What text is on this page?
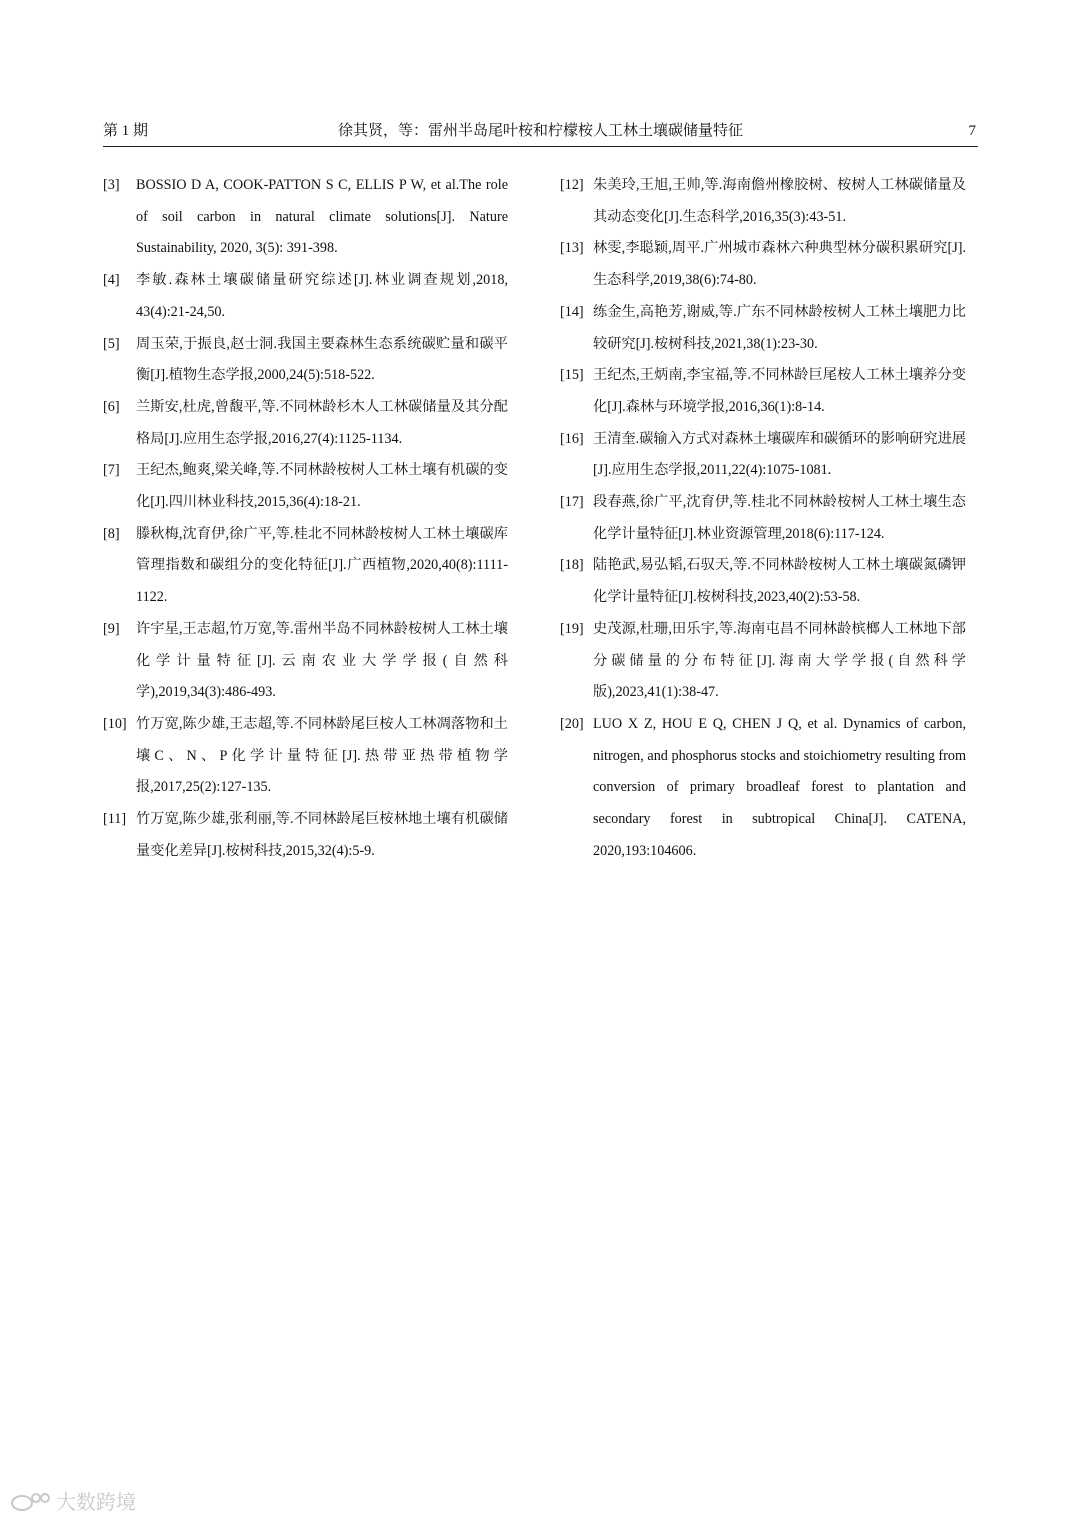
第 1 期	徐其贤，等：雷州半岛尾叶桉和柠檬桉人工林土壤碳储量特征	7
[3] BOSSIO D A, COOK-PATTON S C, ELLIS P W, et al.The role of soil carbon in natural climate solutions[J]. Nature Sustainability, 2020, 3(5): 391-398.
[4] 李敏.森林土壤碳储量研究综述[J].林业调查规划,2018, 43(4):21-24,50.
[5] 周玉荣,于振良,赵士洞.我国主要森林生态系统碳贮量和碳平衡[J].植物生态学报,2000,24(5):518-522.
[6] 兰斯安,杜虎,曾馥平,等.不同林龄杉木人工林碳储量及其分配格局[J].应用生态学报,2016,27(4):1125-1134.
[7] 王纪杰,鲍爽,梁关峰,等.不同林龄桉树人工林土壤有机碳的变化[J].四川林业科技,2015,36(4):18-21.
[8] 滕秋梅,沈育伊,徐广平,等.桂北不同林龄桉树人工林土壤碳库管理指数和碳组分的变化特征[J].广西植物,2020,40(8):1111-1122.
[9] 许宇星,王志超,竹万宽,等.雷州半岛不同林龄桉树人工林土壤化学计量特征[J].云南农业大学学报(自然科学),2019,34(3):486-493.
[10] 竹万宽,陈少雄,王志超,等.不同林龄尾巨桉人工林凋落物和土壤C、N、P化学计量特征[J].热带亚热带植物学报,2017,25(2):127-135.
[11] 竹万宽,陈少雄,张利丽,等.不同林龄尾巨桉林地土壤有机碳储量变化差异[J].桉树科技,2015,32(4):5-9.
[12] 朱美玲,王旭,王帅,等.海南儋州橡胶树、桉树人工林碳储量及其动态变化[J].生态科学,2016,35(3):43-51.
[13] 林雯,李聪颖,周平.广州城市森林六种典型林分碳积累研究[J].生态科学,2019,38(6):74-80.
[14] 练金生,高艳芳,谢威,等.广东不同林龄桉树人工林土壤肥力比较研究[J].桉树科技,2021,38(1):23-30.
[15] 王纪杰,王炳南,李宝福,等.不同林龄巨尾桉人工林土壤养分变化[J].森林与环境学报,2016,36(1):8-14.
[16] 王清奎.碳输入方式对森林土壤碳库和碳循环的影响研究进展[J].应用生态学报,2011,22(4):1075-1081.
[17] 段春燕,徐广平,沈育伊,等.桂北不同林龄桉树人工林土壤生态化学计量特征[J].林业资源管理,2018(6):117-124.
[18] 陆艳武,易弘韬,石驭天,等.不同林龄桉树人工林土壤碳氮磷钾化学计量特征[J].桉树科技,2023,40(2):53-58.
[19] 史茂源,杜珊,田乐宇,等.海南屯昌不同林龄槟榔人工林地下部分碳储量的分布特征[J].海南大学学报(自然科学版),2023,41(1):38-47.
[20] LUO X Z, HOU E Q, CHEN J Q, et al. Dynamics of carbon, nitrogen, and phosphorus stocks and stoichiometry resulting from conversion of primary broadleaf forest to plantation and secondary forest in subtropical China[J]. CATENA, 2020,193:104606.
大数跨境
